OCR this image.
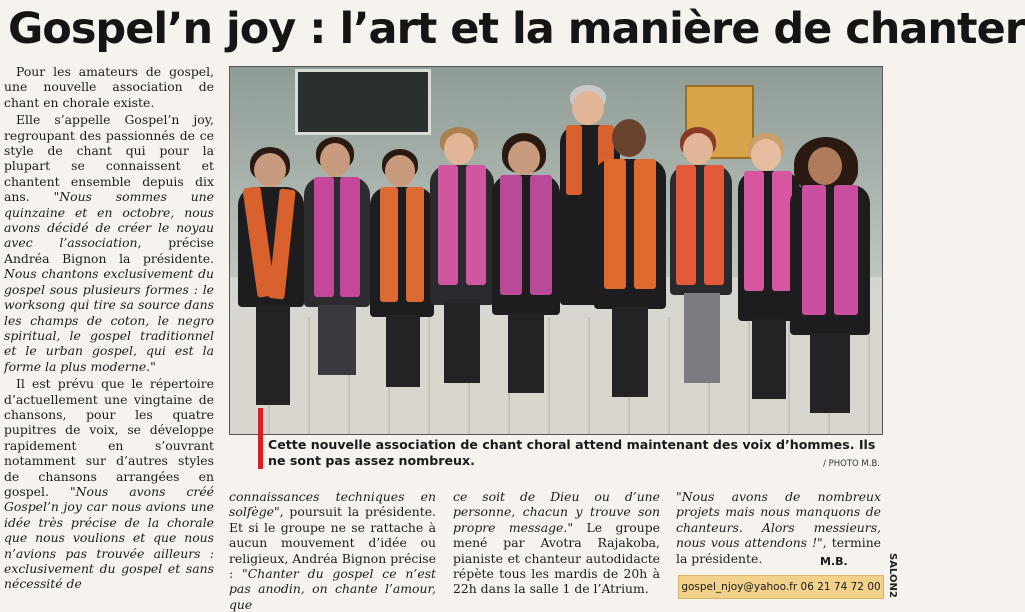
Gospel’n joy : l’art et la manière de chanter

Pour les amateurs de gospel, une nouvelle association de chant en chorale existe.

Elle s’appelle Gospel’n joy, regroupant des passionnés de ce style de chant qui pour la plupart se connaissent et chantent ensemble depuis dix ans. "Nous sommes une quinzaine et en octobre, nous avons décidé de créer le noyau avec l’association, précise Andréa Bignon la présidente. Nous chantons exclusivement du gospel sous plusieurs formes : le worksong qui tire sa source dans les champs de coton, le negro spiritual, le gospel traditionnel et le urban gospel, qui est la forme la plus moderne."

Il est prévu que le répertoire d’actuellement une vingtaine de chansons, pour les quatre pupitres de voix, se développe rapidement en s’ouvrant notamment sur d’autres styles de chansons arrangées en gospel. "Nous avons créé Gospel’n joy car nous avions une idée très précise de la chorale que nous voulions et que nous n’avions pas trouvée ailleurs : exclusivement du gospel et sans nécessité de

Cette nouvelle association de chant choral attend maintenant des voix d’hommes. Ils ne sont pas assez nombreux.	/ PHOTO M.B.

connaissances techniques en solfège", poursuit la présidente. Et si le groupe ne se rattache à aucun mouvement d’idée ou religieux, Andréa Bignon précise : "Chanter du gospel ce n’est pas anodin, on chante l’amour, que

ce soit de Dieu ou d’une personne, chacun y trouve son propre message." Le groupe mené par Avotra Rajakoba, pianiste et chanteur autodidacte répète tous les mardis de 20h à 22h dans la salle 1 de l’Atrium.

"Nous avons de nombreux projets mais nous manquons de chanteurs. Alors messieurs, nous vous attendons !", termine la présidente.	M.B.
gospel_njoy@yahoo.fr 06 21 74 72 00 SALON2
